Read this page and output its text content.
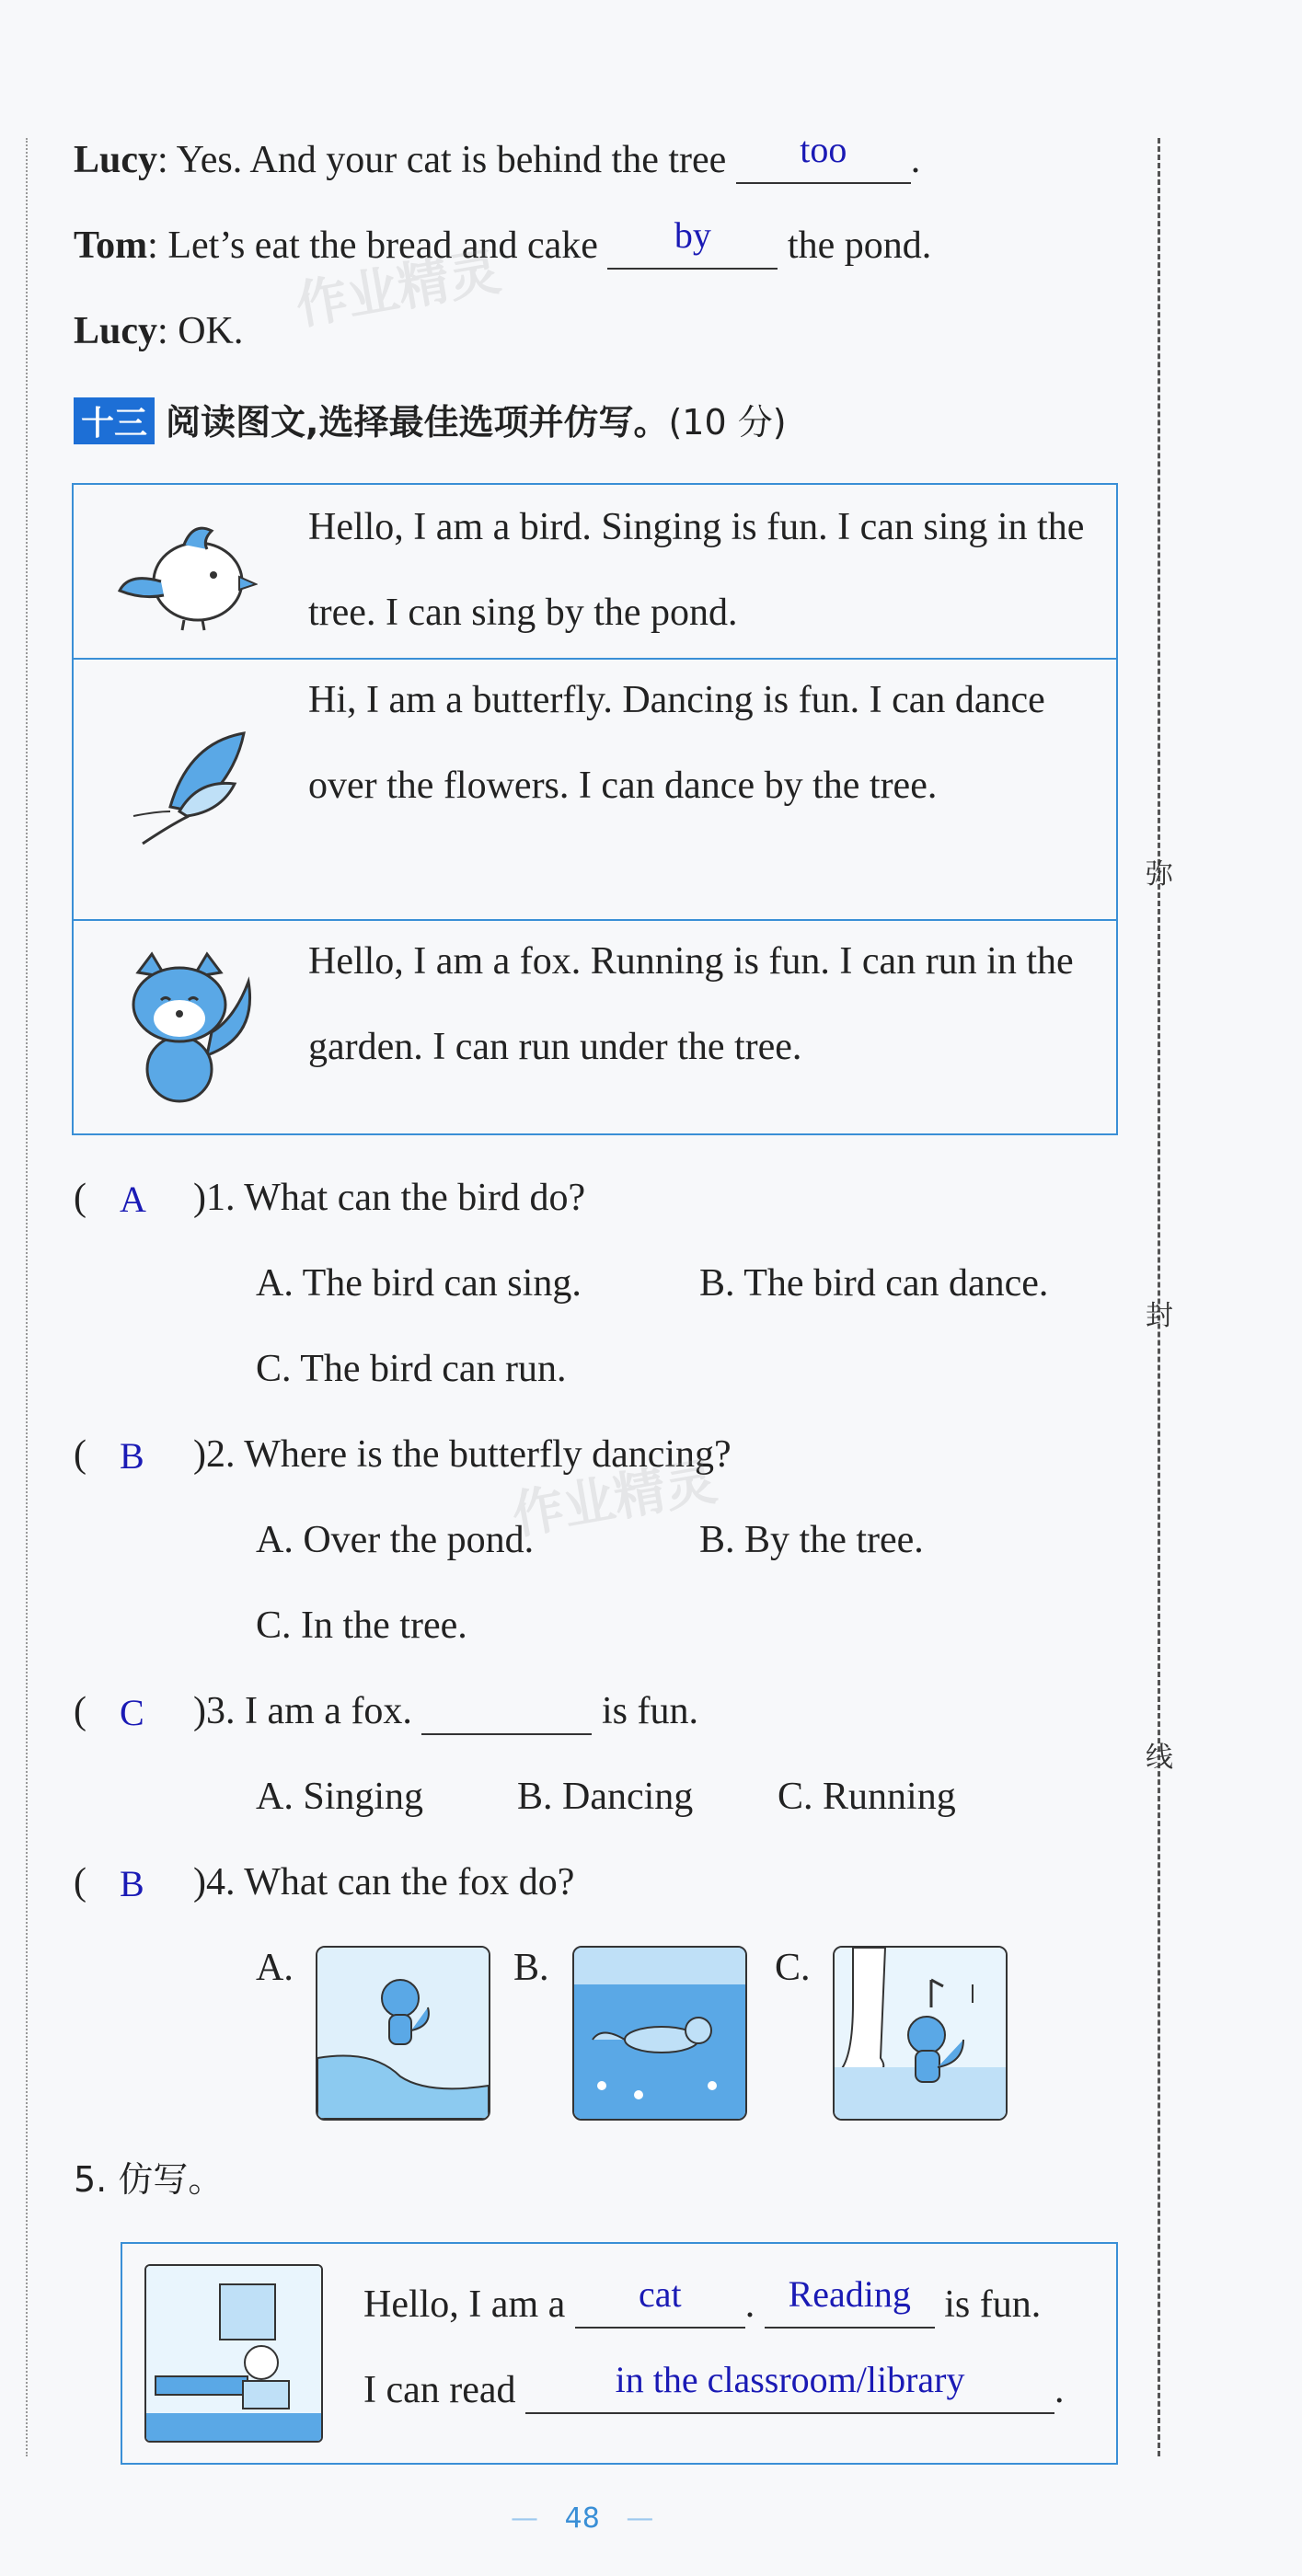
Lucy: Yes. And your cat is behind the tree	too	.
Tom: Let’s eat the bread and cake	by	the pond.
Lucy: OK.
十三 阅读图文,选择最佳选项并仿写。(10 分)
Hello, I am a bird. Singing is fun. I can sing in the tree. I can sing by the pond.
Hi, I am a butterfly. Dancing is fun. I can dance over the flowers. I can dance by the tree.
Hello, I am a fox. Running is fun. I can run in the garden. I can run under the tree.
( A )1. What can the bird do?
A. The bird can sing.	B. The bird can dance.
C. The bird can run.
( B )2. Where is the butterfly dancing?
A. Over the pond.	B. By the tree.
C. In the tree.
( C )3. I am a fox.	is fun.
A. Singing B. Dancing C. Running
( B )4. What can the fox do?
A.	B.	C.
5. 仿写。
Hello, I am a	cat	. Reading is fun.
I can read	in the classroom/library	.
弥
封
线
作业精灵
作业精灵
— 48 —
